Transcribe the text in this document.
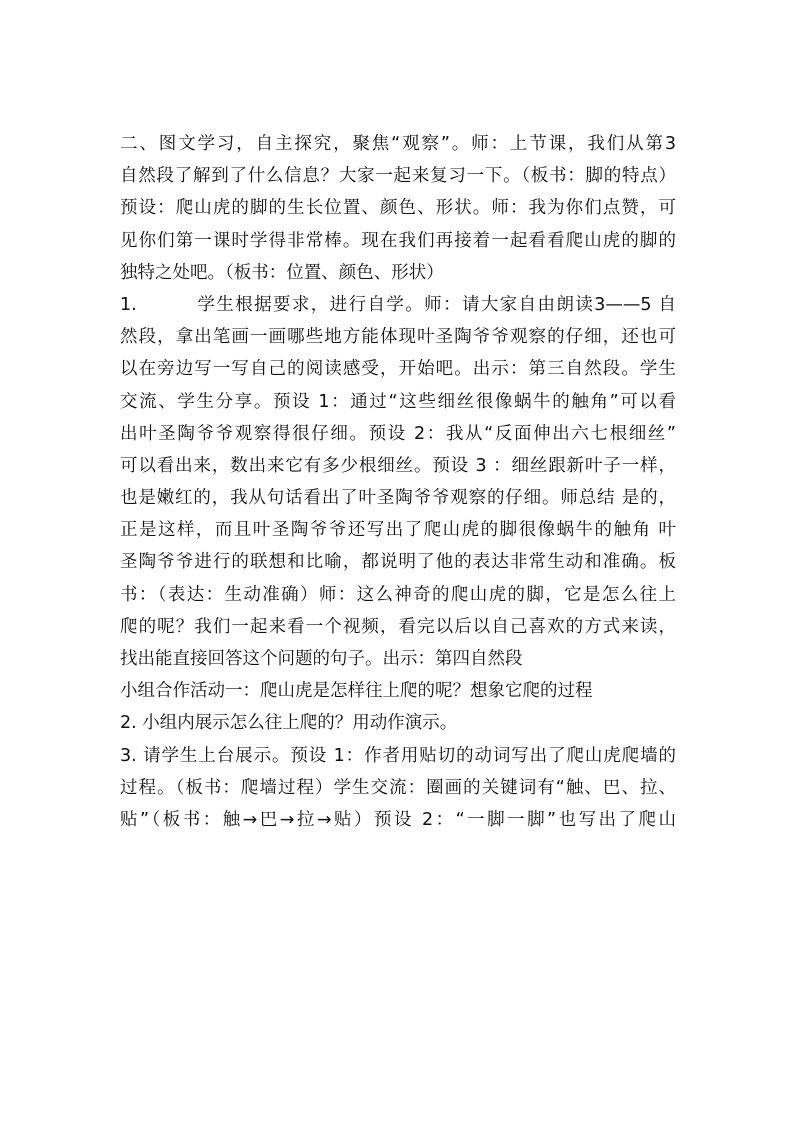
二、图文学习，自主探究，聚焦“观察”。师：上节课，我们从第3
自然段了解到了什么信息？大家一起来复习一下。（板书：脚的特点）
预设：爬山虎的脚的生长位置、颜色、形状。师：我为你们点赞，可
见你们第一课时学得非常棒。现在我们再接着一起看看爬山虎的脚的
独特之处吧。（板书：位置、颜色、形状）
1.	学生根据要求，进行自学。师：请大家自由朗读3——5 自
然段，拿出笔画一画哪些地方能体现叶圣陶爷爷观察的仔细，还也可
以在旁边写一写自己的阅读感受，开始吧。出示：第三自然段。学生
交流、学生分享。预设 1：通过“这些细丝很像蜗牛的触角”可以看
出叶圣陶爷爷观察得很仔细。预设 2：我从“反面伸出六七根细丝”
可以看出来，数出来它有多少根细丝。预设 3 ：细丝跟新叶子一样，
也是嫩红的，我从句话看出了叶圣陶爷爷观察的仔细。师总结 是的，
正是这样，而且叶圣陶爷爷还写出了爬山虎的脚很像蜗牛的触角 叶
圣陶爷爷进行的联想和比喻，都说明了他的表达非常生动和准确。板
书：（表达：生动准确）师：这么神奇的爬山虎的脚，它是怎么往上
爬的呢？我们一起来看一个视频，看完以后以自己喜欢的方式来读，
找出能直接回答这个问题的句子。出示：第四自然段
小组合作活动一：爬山虎是怎样往上爬的呢？想象它爬的过程
2. 小组内展示怎么往上爬的？用动作演示。
3. 请学生上台展示。预设 1：作者用贴切的动词写出了爬山虎爬墙的
过程。（板书：爬墙过程）学生交流：圈画的关键词有“触、巴、拉、
贴”（板书：触→巴→拉→贴）预设 2：“一脚一脚”也写出了爬山
